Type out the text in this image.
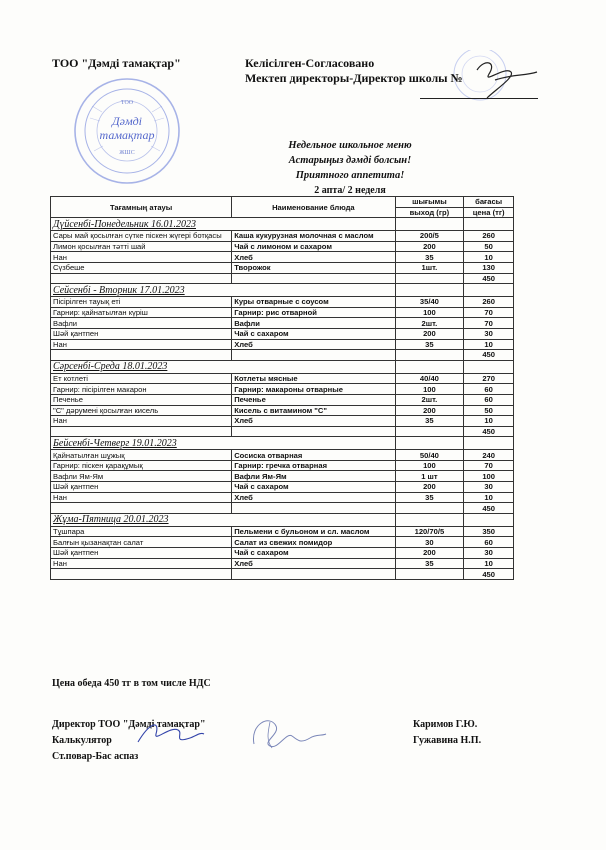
ТОО
Дәмді
тамақтар
ЖШС
ТОО "Дәмді тамақтар"	Келісілген-Согласовано
Мектеп директоры-Директор школы №
Недельное школьное меню
Астарыңыз дәмді болсын!
Приятного аппетита!
2 апта/ 2 неделя
Тағамның атауы	Наименование блюда	шығымы	бағасы
		выход (гр)	цена (тг)
Дүйсенбі-Понедельник 16.01.2023			
Сары май қосылған сүтке піскен жүгері ботқасы	Каша кукурузная молочная с маслом	200/5	260
Лимон қосылған тәтті шай	Чай с лимоном и сахаром	200	50
Нан	Хлеб	35	10
Сүзбеше	Творожок	1шт.	130
			450
Сейсенбі - Вторник 17.01.2023			
Пісірілген тауық еті	Куры отварные с соусом	35/40	260
Гарнир: қайнатылған күріш	Гарнир: рис отварной	100	70
Вафли	Вафли	2шт.	70
Шәй қантпен	Чай с сахаром	200	30
Нан	Хлеб	35	10
			450
Сәрсенбі-Среда 18.01.2023			
Ет котлеті	Котлеты мясные	40/40	270
Гарнир: пісірілген макарон	Гарнир: макароны отварные	100	60
Печенье	Печенье	2шт.	60
"С" дәрумені қосылған кисель	Кисель с витамином "С"	200	50
Нан	Хлеб	35	10
			450
Бейсенбі-Четверг 19.01.2023			
Қайнатылған шұжық	Сосиска отварная	50/40	240
Гарнир: піскен қарақұмық	Гарнир: гречка отварная	100	70
Вафли Ям-Ям	Вафли Ям-Ям	1 шт	100
Шәй қантпен	Чай с сахаром	200	30
Нан	Хлеб	35	10
			450
Жұма-Пятница 20.01.2023			
Тұшпара	Пельмени с бульоном и сл. маслом	120/70/5	350
Балғын қызанақтан салат	Салат из свежих помидор	30	60
Шәй қантпен	Чай с сахаром	200	30
Нан	Хлеб	35	10
			450
Цена обеда 450 тг в том числе НДС
Директор ТОО "Дәмді тамақтар"	Каримов Г.Ю.
Калькулятор	Гужавина Н.П.
Ст.повар-Бас аспаз
